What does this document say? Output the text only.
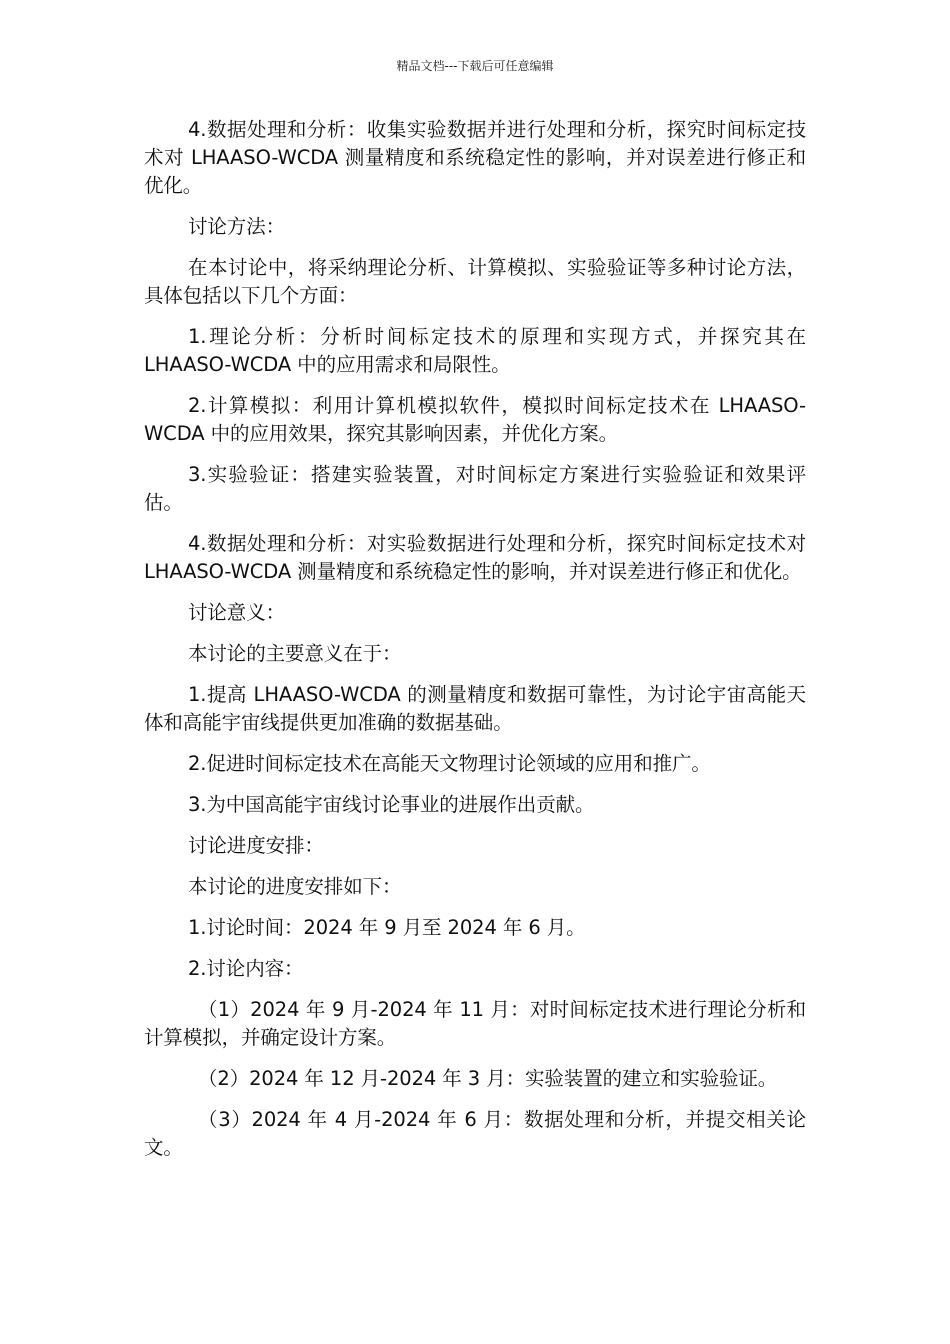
精品文档---下载后可任意编辑

4.数据处理和分析：收集实验数据并进行处理和分析，探究时间标定技术对 LHAASO-WCDA 测量精度和系统稳定性的影响，并对误差进行修正和优化。

讨论方法：

在本讨论中，将采纳理论分析、计算模拟、实验验证等多种讨论方法，具体包括以下几个方面：

1.理论分析：分析时间标定技术的原理和实现方式，并探究其在 LHAASO-WCDA 中的应用需求和局限性。

2.计算模拟：利用计算机模拟软件，模拟时间标定技术在 LHAASO-WCDA 中的应用效果，探究其影响因素，并优化方案。

3.实验验证：搭建实验装置，对时间标定方案进行实验验证和效果评估。

4.数据处理和分析：对实验数据进行处理和分析，探究时间标定技术对 LHAASO-WCDA 测量精度和系统稳定性的影响，并对误差进行修正和优化。

讨论意义：

本讨论的主要意义在于：

1.提高 LHAASO-WCDA 的测量精度和数据可靠性，为讨论宇宙高能天体和高能宇宙线提供更加准确的数据基础。

2.促进时间标定技术在高能天文物理讨论领域的应用和推广。

3.为中国高能宇宙线讨论事业的进展作出贡献。

讨论进度安排：

本讨论的进度安排如下：

1.讨论时间：2024 年 9 月至 2024 年 6 月。

2.讨论内容：

（1）2024 年 9 月-2024 年 11 月：对时间标定技术进行理论分析和计算模拟，并确定设计方案。

（2）2024 年 12 月-2024 年 3 月：实验装置的建立和实验验证。

（3）2024 年 4 月-2024 年 6 月：数据处理和分析，并提交相关论文。
